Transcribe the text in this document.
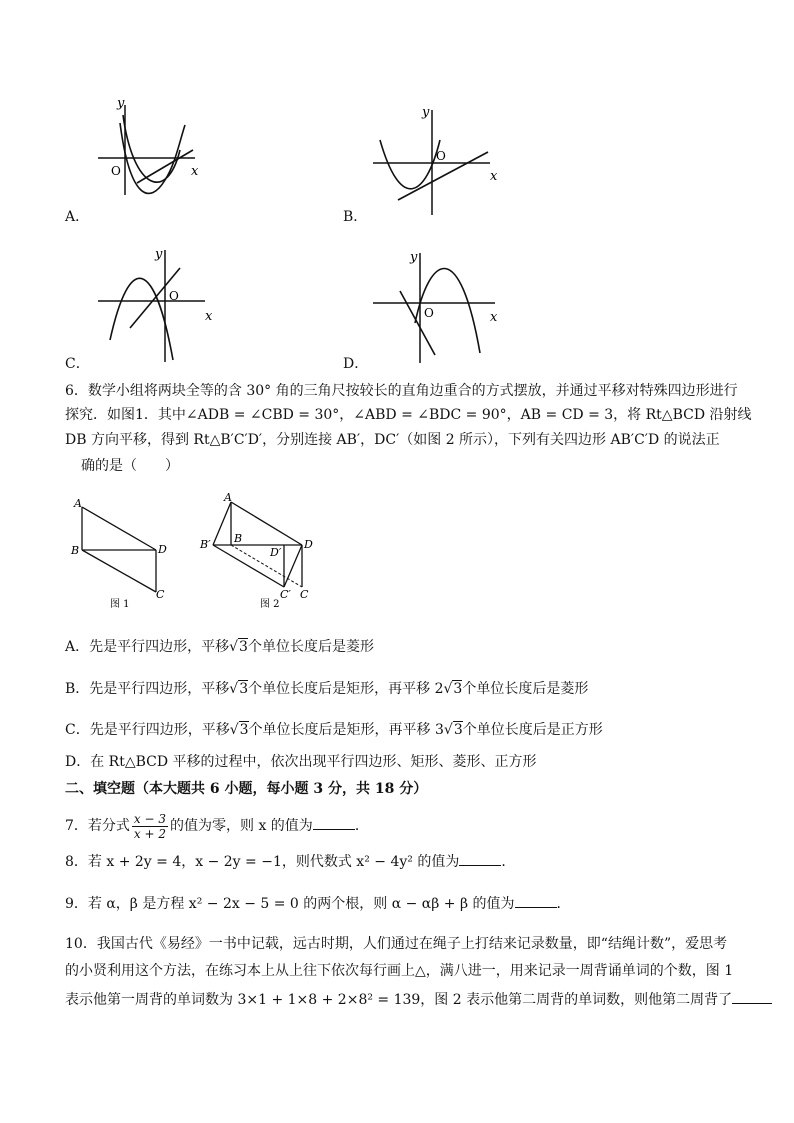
y
x
O
A．
y
x
O
B．
y
x
O
C．
y
x
O
D．
6．数学小组将两块全等的含 30° 角的三角尺按较长的直角边重合的方式摆放，并通过平移对特殊四边形进行
探究．如图1．其中∠ADB = ∠CBD = 30°，∠ABD = ∠BDC = 90°，AB = CD = 3，将 Rt△BCD 沿射线
DB 方向平移，得到 Rt△B′C′D′，分别连接 AB′，DC′（如图 2 所示），下列有关四边形 AB′C′D 的说法正
确的是（　　）
A
B	D
C
图 1
A
B′ B
D′
D
C′ C
图 2
A．先是平行四边形，平移√3个单位长度后是菱形
B．先是平行四边形，平移√3个单位长度后是矩形，再平移 2√3个单位长度后是菱形
C．先是平行四边形，平移√3个单位长度后是矩形，再平移 3√3个单位长度后是正方形
D．在 Rt△BCD 平移的过程中，依次出现平行四边形、矩形、菱形、正方形
二、填空题（本大题共 6 小题，每小题 3 分，共 18 分）
7．若分式 $\frac{x - 3}{x + 2}$ 的值为零，则 x 的值为	．
8．若 x + 2y = 4，x − 2y = −1，则代数式 x² − 4y² 的值为	．
9．若 α，β 是方程 x² − 2x − 5 = 0 的两个根，则 α − αβ + β 的值为	．
10．我国古代《易经》一书中记载，远古时期，人们通过在绳子上打结来记录数量，即“结绳计数”，爱思考
的小贤利用这个方法，在练习本上从上往下依次每行画上△，满八进一，用来记录一周背诵单词的个数，图 1
表示他第一周背的单词数为 3×1 + 1×8 + 2×8² = 139，图 2 表示他第二周背的单词数，则他第二周背了
